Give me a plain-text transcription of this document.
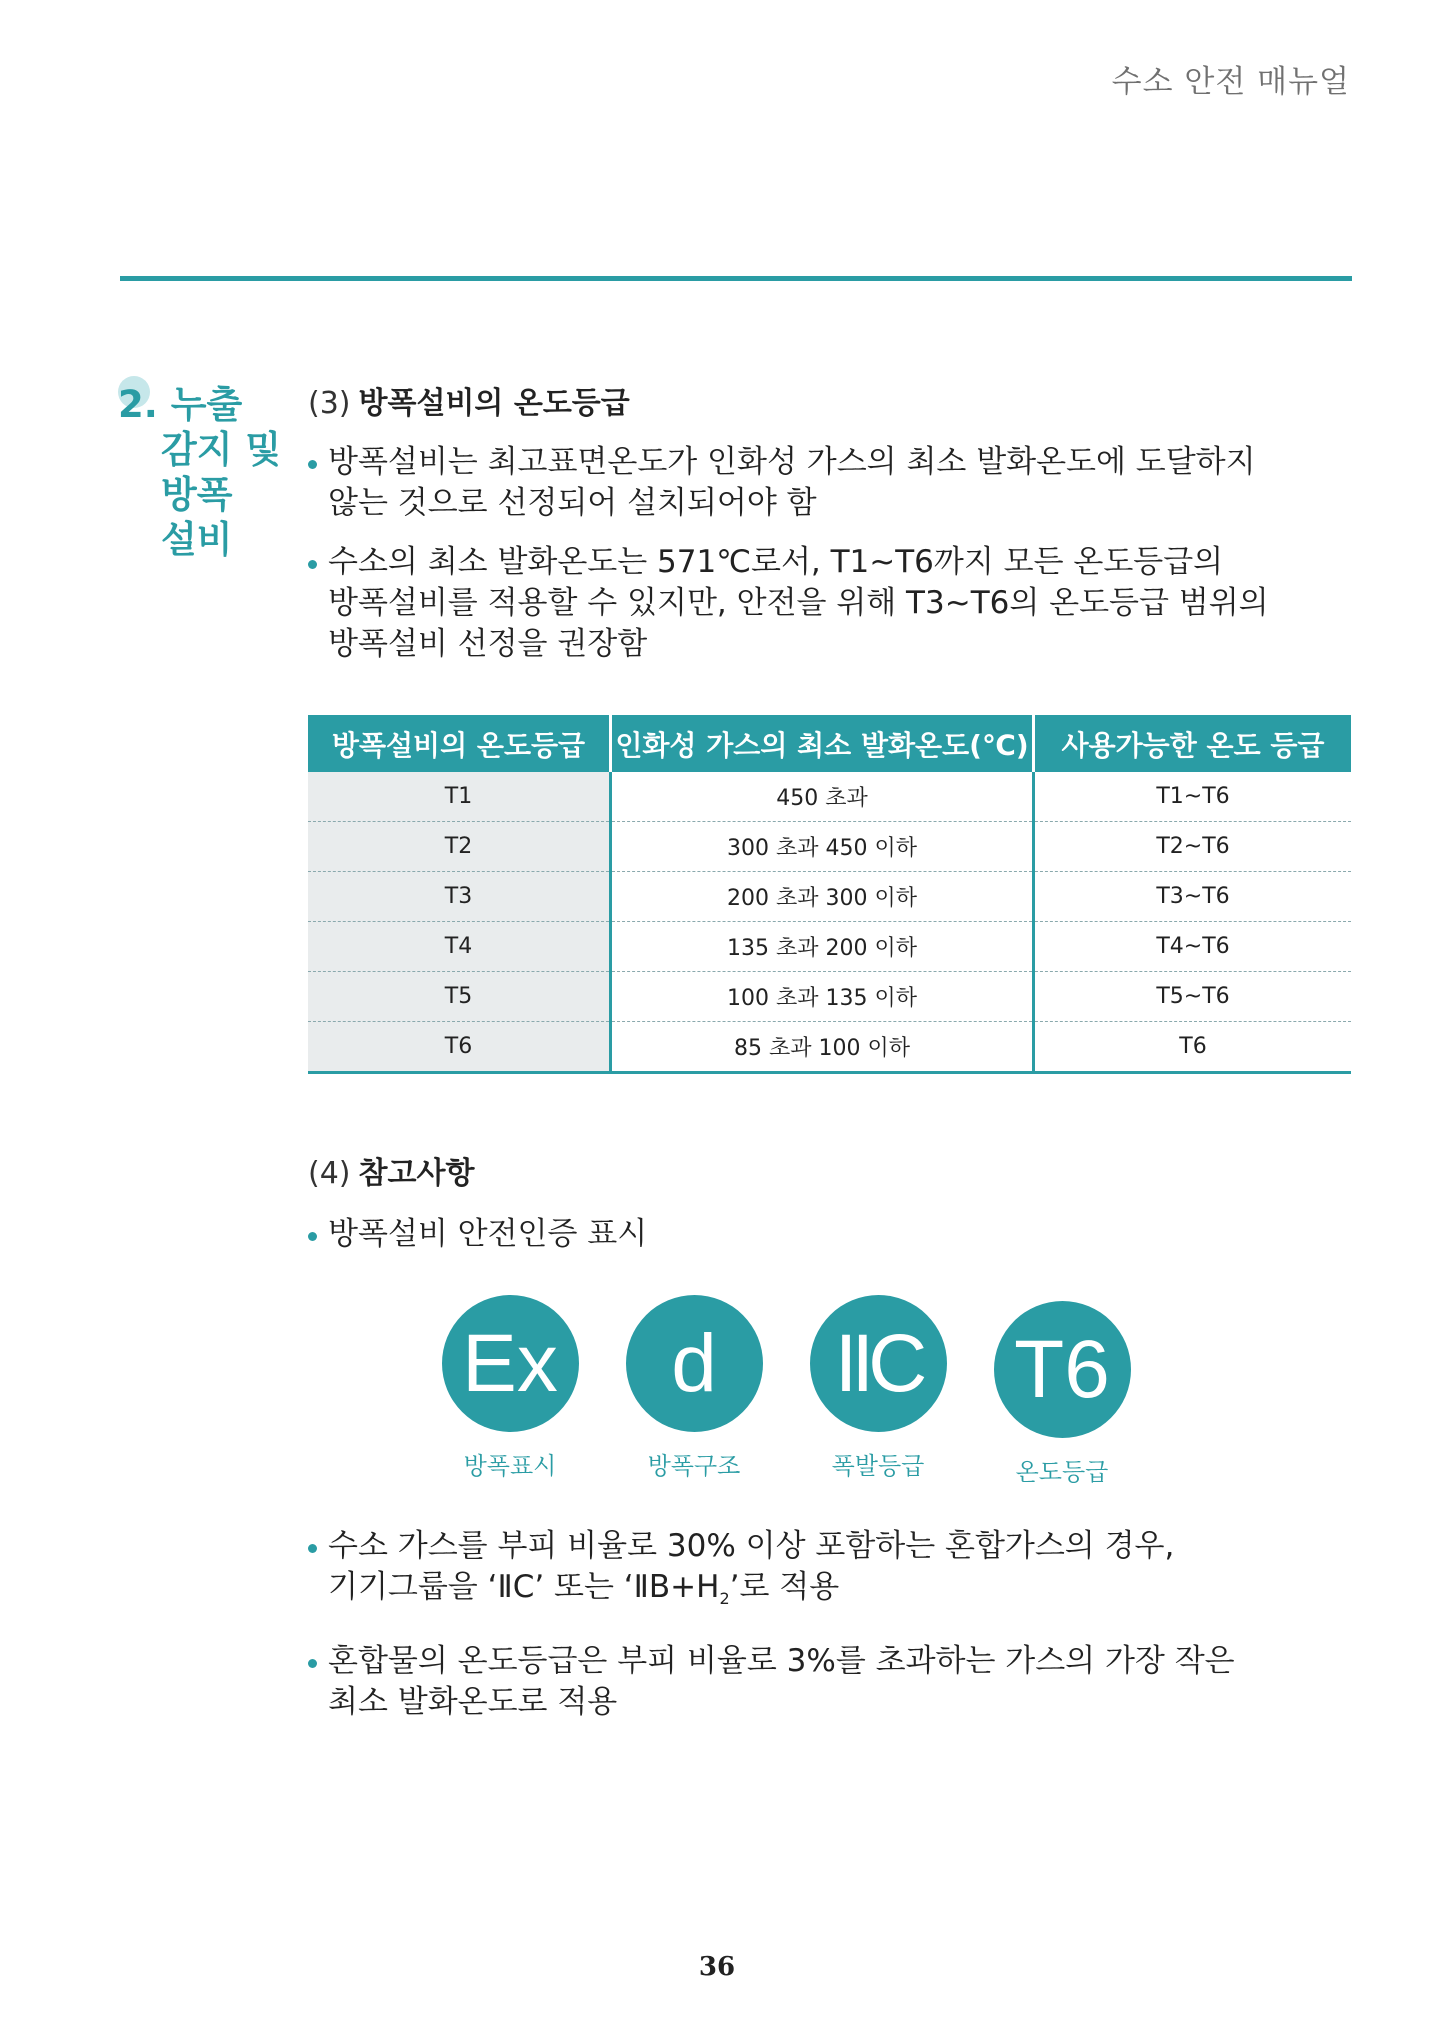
수소 안전 매뉴얼
2. 누출
감지 및
방폭
설비
(3) 방폭설비의 온도등급
방폭설비는 최고표면온도가 인화성 가스의 최소 발화온도에 도달하지
않는 것으로 선정되어 설치되어야 함
수소의 최소 발화온도는 571℃로서, T1~T6까지 모든 온도등급의
방폭설비를 적용할 수 있지만, 안전을 위해 T3~T6의 온도등급 범위의
방폭설비 선정을 권장함
방폭설비의 온도등급	인화성 가스의 최소 발화온도(℃)	사용가능한 온도 등급
T1	450 초과	T1~T6
T2	300 초과 450 이하	T2~T6
T3	200 초과 300 이하	T3~T6
T4	135 초과 200 이하	T4~T6
T5	100 초과 135 이하	T5~T6
T6	85 초과 100 이하	T6
(4) 참고사항
방폭설비 안전인증 표시
Ex
방폭표시
d
방폭구조
IIC
폭발등급
T6
온도등급
수소 가스를 부피 비율로 30% 이상 포함하는 혼합가스의 경우,
기기그룹을 ‘ⅡC’ 또는 ‘$ⅡB+H_2$’로 적용
혼합물의 온도등급은 부피 비율로 3%를 초과하는 가스의 가장 작은
최소 발화온도로 적용
36
